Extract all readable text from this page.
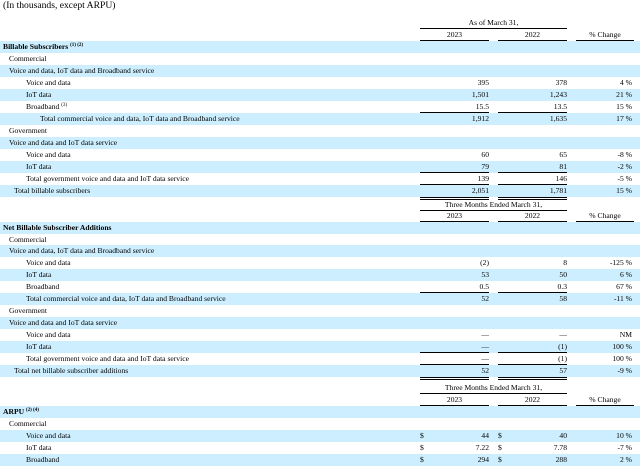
(In thousands, except ARPU)
As of March 31,
2023	2022	% Change
Billable Subscribers $^{(1) (2)}$
Commercial
Voice and data, IoT data and Broadband service
Voice and data	395	378	4 %
IoT data	1,501	1,243	21 %
Broadband $^{(3)}$	15.5	13.5	15 %
Total commercial voice and data, IoT data and Broadband service	1,912	1,635	17 %
Government
Voice and data and IoT data service
Voice and data	60	65	-8 %
IoT data	79	81	-2 %
Total government voice and data and IoT data service	139	146	-5 %
Total billable subscribers	2,051	1,781	15 %
Three Months Ended March 31,
2023	2022	% Change
Net Billable Subscriber Additions
Commercial
Voice and data, IoT data and Broadband service
Voice and data	(2)	8	-125 %
IoT data	53	50	6 %
Broadband	0.5	0.3	67 %
Total commercial voice and data, IoT data and Broadband service	52	58	-11 %
Government
Voice and data and IoT data service
Voice and data	—	—	NM
IoT data	—	(1)	100 %
Total government voice and data and IoT data service	—	(1)	100 %
Total net billable subscriber additions	52	57	-9 %
Three Months Ended March 31,
2023	2022	% Change
ARPU $^{(2) (4)}$
Commercial
Voice and data	$	44 $	40	10 %
IoT data	$	7.22 $	7.78	-7 %
Broadband	$	294 $	288	2 %
